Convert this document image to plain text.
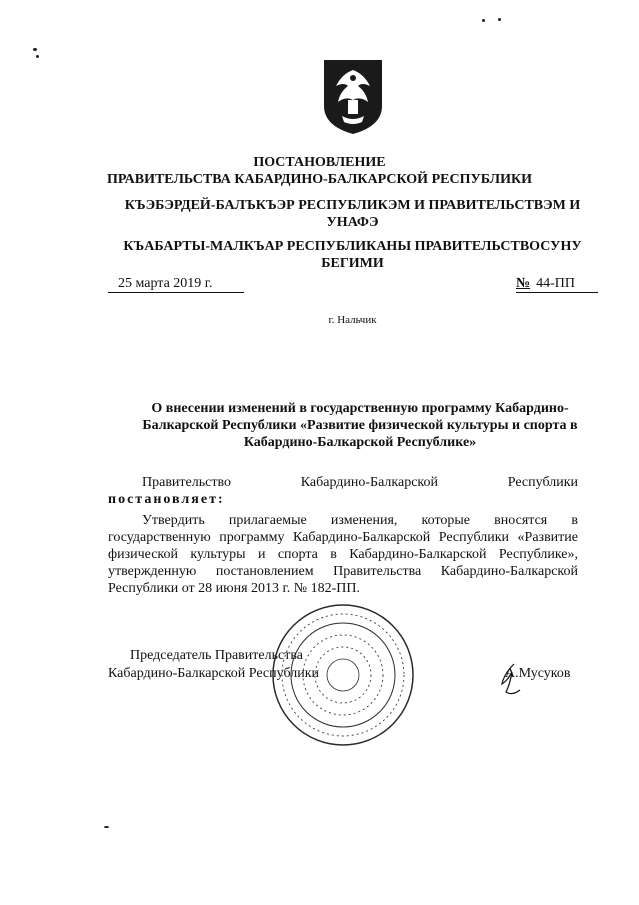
ПОСТАНОВЛЕНИЕ
ПРАВИТЕЛЬСТВА КАБАРДИНО-БАЛКАРСКОЙ РЕСПУБЛИКИ
КЪЭБЭРДЕЙ-БАЛЪКЪЭР РЕСПУБЛИКЭМ И ПРАВИТЕЛЬСТВЭМ И УНАФЭ
КЪАБАРТЫ-МАЛКЪАР РЕСПУБЛИКАНЫ ПРАВИТЕЛЬСТВОСУНУ БЕГИМИ
25 марта 2019 г.	№ 44-ПП
г. Нальчик
О внесении изменений в государственную программу Кабардино-Балкарской Республики «Развитие физической культуры и спорта в Кабардино-Балкарской Республике»
Правительство Кабардино-Балкарской Республики
постановляет:
Утвердить прилагаемые изменения, которые вносятся в государственную программу Кабардино-Балкарской Республики «Развитие физической культуры и спорта в Кабардино-Балкарской Республике», утвержденную постановлением Правительства Кабардино-Балкарской Республики от 28 июня 2013 г. № 182-ПП.
Председатель Правительства
Кабардино-Балкарской Республики	А.Мусуков
